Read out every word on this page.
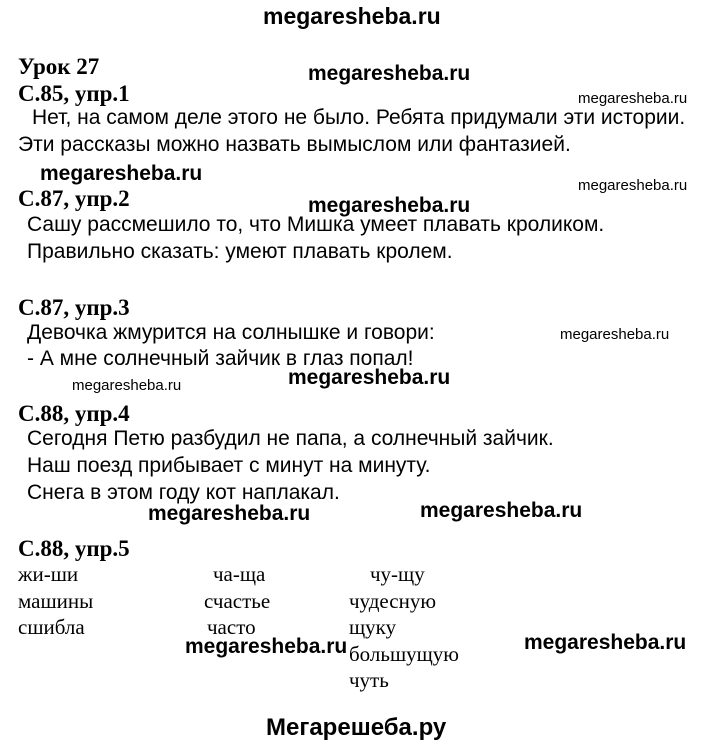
megaresheba.ru
Урок 27
С.85, упр.1
Нет, на самом деле этого не было. Ребята придумали эти истории.
Эти рассказы можно назвать вымыслом или фантазией.
С.87, упр.2
Сашу рассмешило то, что Мишка умеет плавать кроликом.
Правильно сказать: умеют плавать кролем.
С.87, упр.3
Девочка жмурится на солнышке и говори:
- А мне солнечный зайчик в глаз попал!
С.88, упр.4
Сегодня Петю разбудил не папа, а солнечный зайчик.
Наш поезд прибывает с минут на минуту.
Снега в этом году кот наплакал.
С.88, упр.5
жи-ши
машины
сшибла
ча-ща
счастье
часто
чу-щу
чудесную
щуку
большущую
чуть
megaresheba.ru
megaresheba.ru
megaresheba.ru
megaresheba.ru
megaresheba.ru	megaresheba.ru
megaresheba.ru	megaresheba.ru
megaresheba.ru
megaresheba.ru
megaresheba.ru
megaresheba.ru
Мегарешеба.ру
